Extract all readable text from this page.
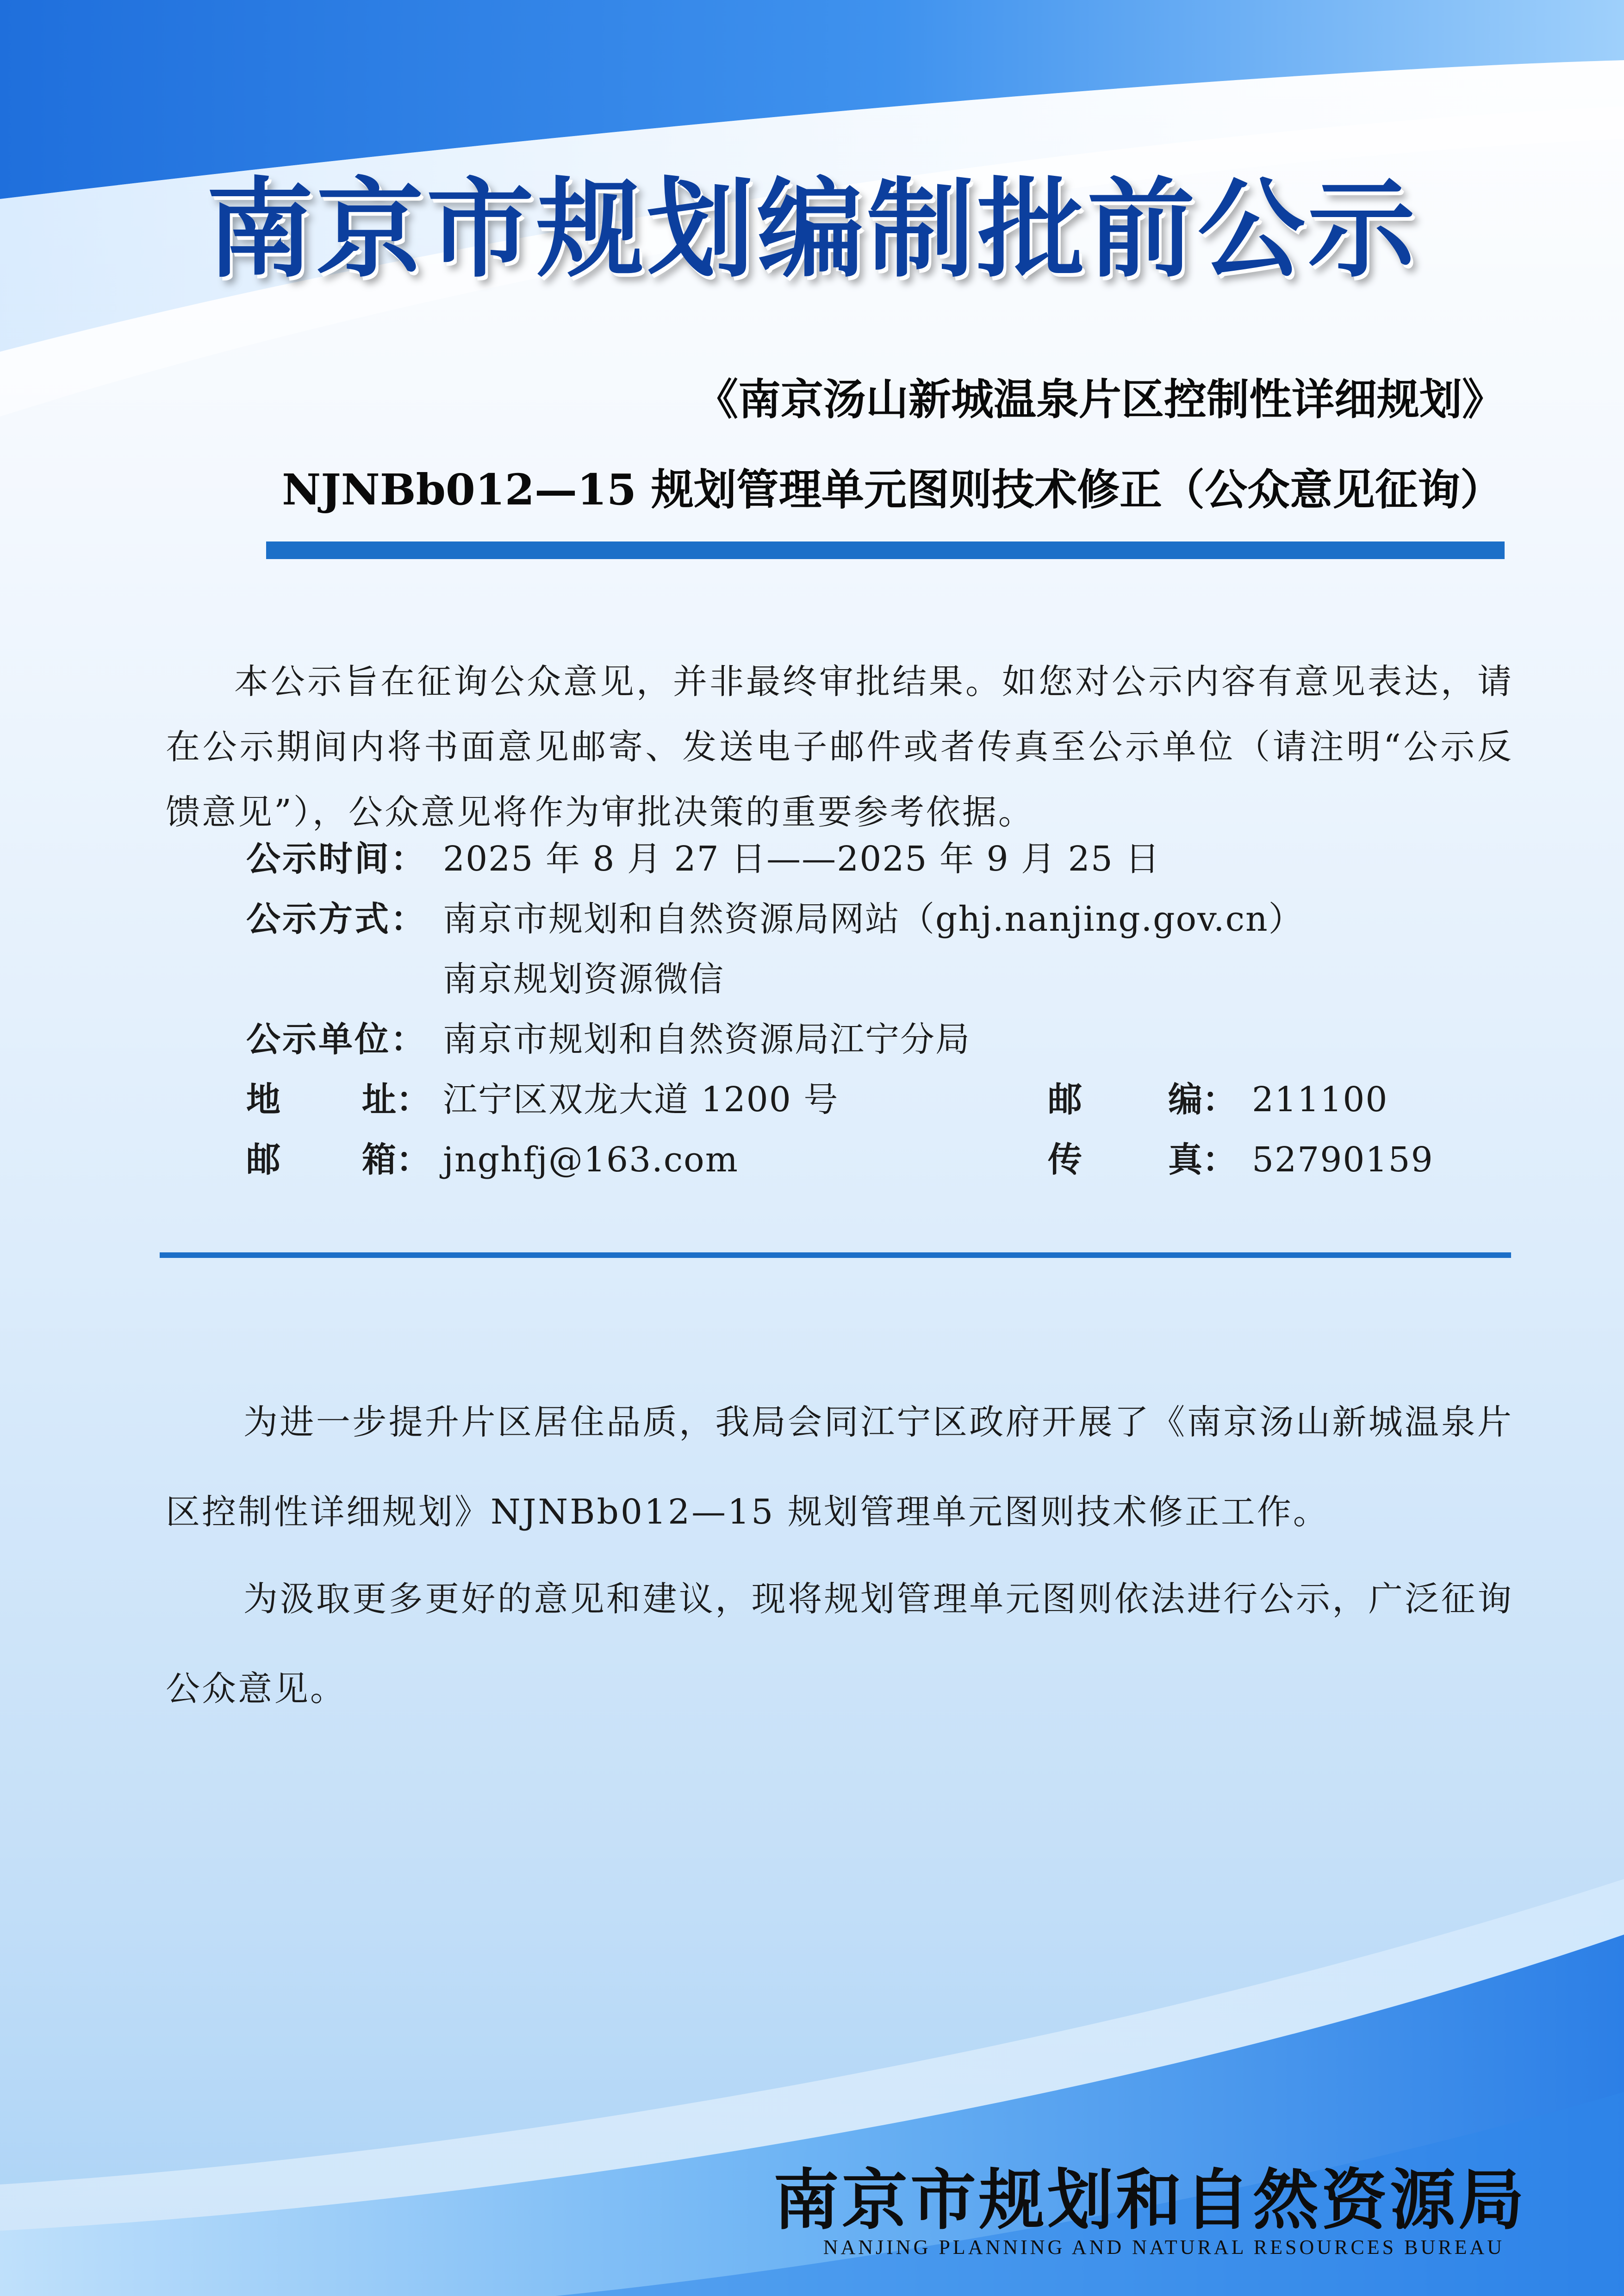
南京市规划编制批前公示
《南京汤山新城温泉片区控制性详细规划》
NJNBb012—15 规划管理单元图则技术修正（公众意见征询）
本公示旨在征询公众意见，并非最终审批结果。如您对公示内容有意见表达，请在公示期间内将书面意见邮寄、发送电子邮件或者传真至公示单位（请注明“公示反馈意见”），公众意见将作为审批决策的重要参考依据。
公示时间： 2025 年 8 月 27 日——2025 年 9 月 25 日
公示方式： 南京市规划和自然资源局网站（ghj.nanjing.gov.cn）
南京规划资源微信
公示单位： 南京市规划和自然资源局江宁分局
地 址： 江宁区双龙大道 1200 号	邮	编： 211100
邮 箱： jnghfj@163.com	传	真： 52790159
为进一步提升片区居住品质，我局会同江宁区政府开展了《南京汤山新城温泉片区控制性详细规划》NJNBb012—15 规划管理单元图则技术修正工作。
为汲取更多更好的意见和建议，现将规划管理单元图则依法进行公示，广泛征询公众意见。
南京市规划和自然资源局
NANJING PLANNING AND NATURAL RESOURCES BUREAU
